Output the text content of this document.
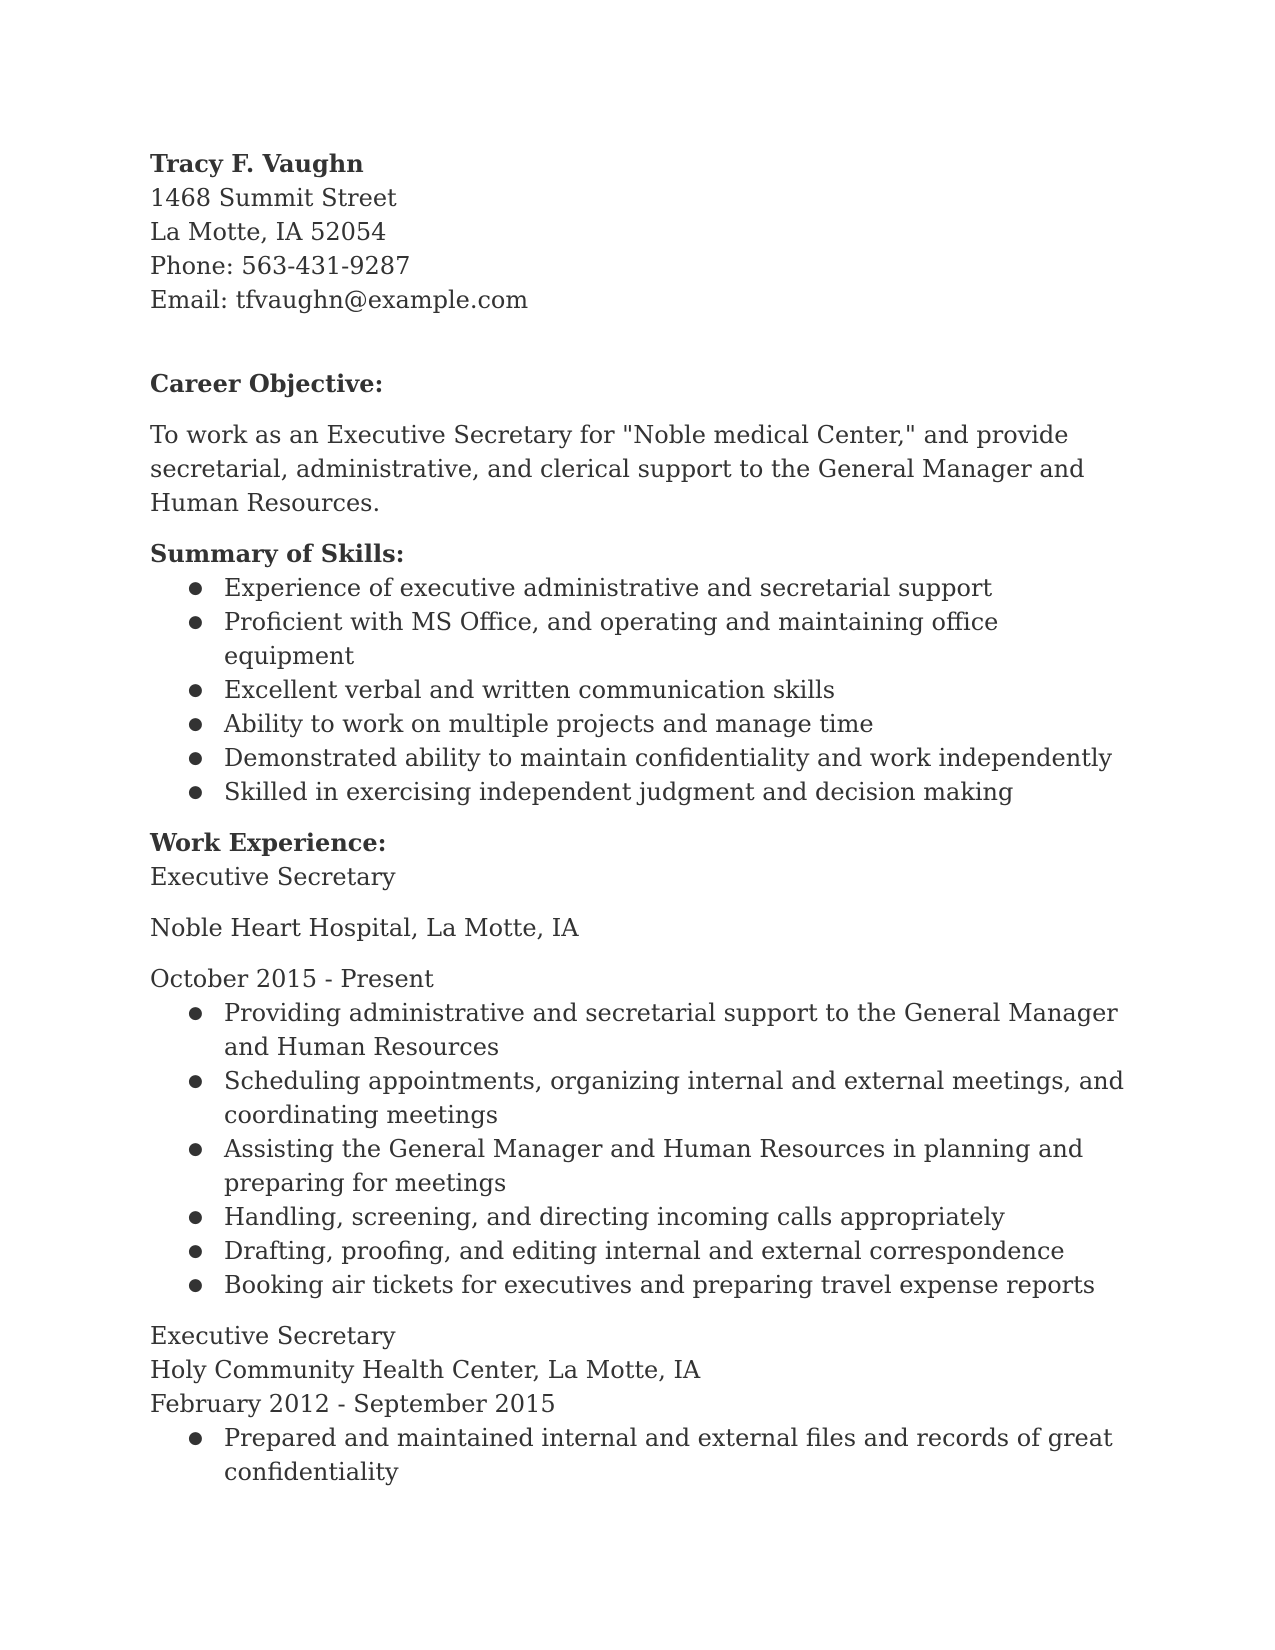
Tracy F. Vaughn

1468 Summit Street

La Motte, IA 52054

Phone: 563-431-9287

Email: tfvaughn@example.com

Career Objective:

To work as an Executive Secretary for "Noble medical Center," and provide secretarial, administrative, and clerical support to the General Manager and Human Resources.

Summary of Skills:

● Experience of executive administrative and secretarial support
● Proficient with MS Office, and operating and maintaining office equipment
● Excellent verbal and written communication skills
● Ability to work on multiple projects and manage time
● Demonstrated ability to maintain confidentiality and work independently
● Skilled in exercising independent judgment and decision making

Work Experience:

Executive Secretary

Noble Heart Hospital, La Motte, IA

October 2015 - Present

● Providing administrative and secretarial support to the General Manager and Human Resources
● Scheduling appointments, organizing internal and external meetings, and coordinating meetings
● Assisting the General Manager and Human Resources in planning and preparing for meetings
● Handling, screening, and directing incoming calls appropriately
● Drafting, proofing, and editing internal and external correspondence
● Booking air tickets for executives and preparing travel expense reports

Executive Secretary

Holy Community Health Center, La Motte, IA

February 2012 - September 2015

● Prepared and maintained internal and external files and records of great confidentiality
